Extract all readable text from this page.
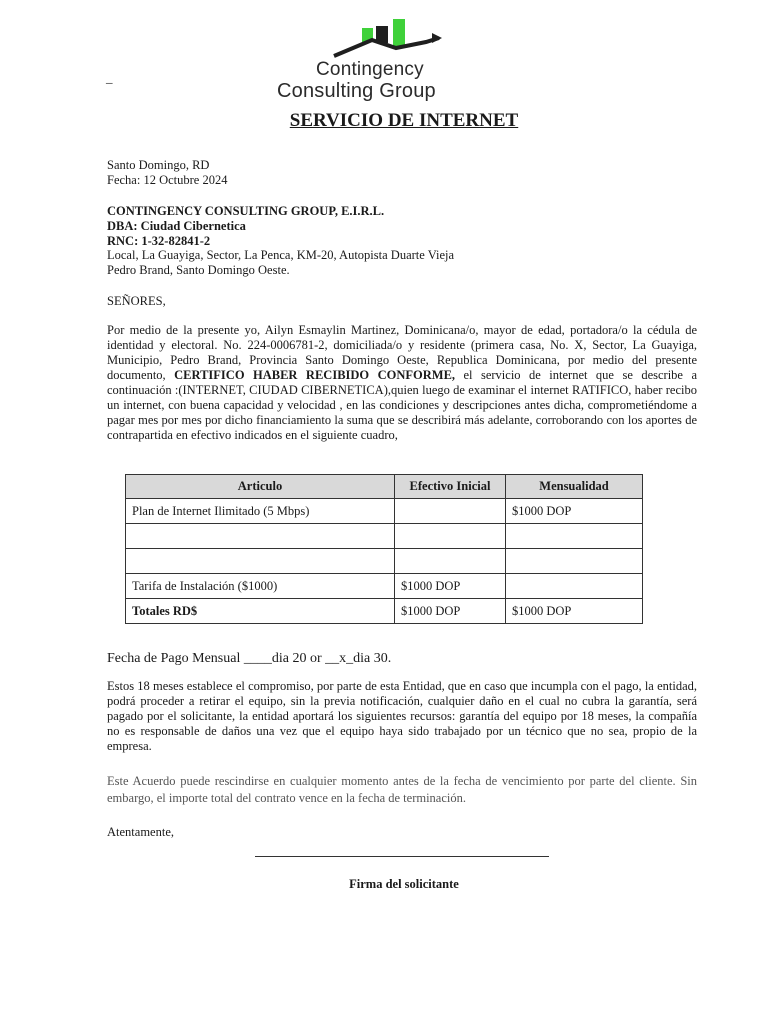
Contingency
Consulting Group
_
SERVICIO DE INTERNET
Santo Domingo, RD
Fecha: 12 Octubre 2024
CONTINGENCY CONSULTING GROUP, E.I.R.L.
DBA: Ciudad Cibernetica
RNC: 1-32-82841-2
Local, La Guayiga, Sector, La Penca, KM-20, Autopista Duarte Vieja
Pedro Brand, Santo Domingo Oeste.
SEÑORES,
Por medio de la presente yo, Ailyn Esmaylin Martinez, Dominicana/o, mayor de edad, portadora/o la cédula de identidad y electoral. No. 224-0006781-2, domiciliada/o y residente (primera casa, No. X, Sector, La Guayiga, Municipio, Pedro Brand, Provincia Santo Domingo Oeste, Republica Dominicana, por medio del presente documento, CERTIFICO HABER RECIBIDO CONFORME, el servicio de internet que se describe a continuación :(INTERNET, CIUDAD CIBERNETICA),quien luego de examinar el internet RATIFICO, haber recibo un internet, con buena capacidad y velocidad , en las condiciones y descripciones antes dicha, comprometiéndome a pagar mes por mes por dicho financiamiento la suma que se describirá más adelante, corroborando con los aportes de contrapartida en efectivo indicados en el siguiente cuadro,
Articulo	Efectivo Inicial	Mensualidad
Plan de Internet Ilimitado (5 Mbps)		$1000 DOP

Tarifa de Instalación ($1000)	$1000 DOP	
Totales RD$	$1000 DOP	$1000 DOP
Fecha de Pago Mensual ____dia 20 or __x_dia 30.
Estos 18 meses establece el compromiso, por parte de esta Entidad, que en caso que incumpla con el pago, la entidad, podrá proceder a retirar el equipo, sin la previa notificación, cualquier daño en el cual no cubra la garantía, será pagado por el solicitante, la entidad aportará los siguientes recursos: garantía del equipo por 18 meses, la compañía no es responsable de daños una vez que el equipo haya sido trabajado por un técnico que no sea, propio de la empresa.
Este Acuerdo puede rescindirse en cualquier momento antes de la fecha de vencimiento por parte del cliente. Sin embargo, el importe total del contrato vence en la fecha de terminación.
Atentamente,
Firma del solicitante
